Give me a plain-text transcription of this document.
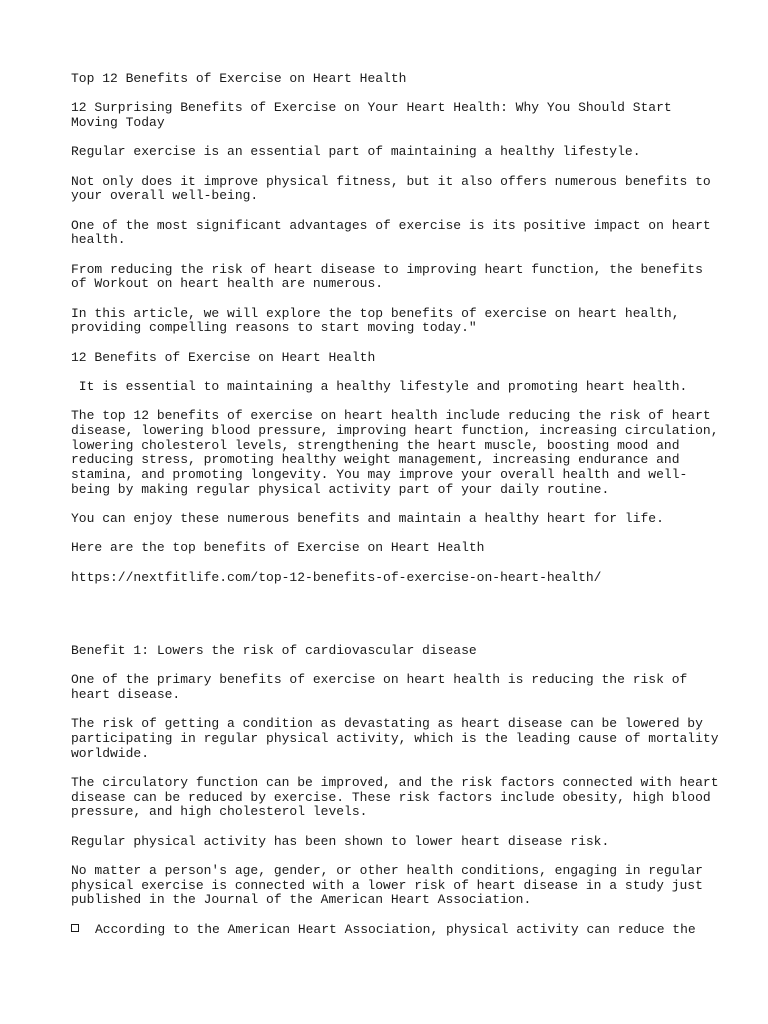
Top 12 Benefits of Exercise on Heart Health
12 Surprising Benefits of Exercise on Your Heart Health: Why You Should Start
Moving Today
Regular exercise is an essential part of maintaining a healthy lifestyle.
Not only does it improve physical fitness, but it also offers numerous benefits to
your overall well-being.
One of the most significant advantages of exercise is its positive impact on heart
health.
From reducing the risk of heart disease to improving heart function, the benefits
of Workout on heart health are numerous.
In this article, we will explore the top benefits of exercise on heart health,
providing compelling reasons to start moving today."
12 Benefits of Exercise on Heart Health
It is essential to maintaining a healthy lifestyle and promoting heart health.
The top 12 benefits of exercise on heart health include reducing the risk of heart
disease, lowering blood pressure, improving heart function, increasing circulation,
lowering cholesterol levels, strengthening the heart muscle, boosting mood and
reducing stress, promoting healthy weight management, increasing endurance and
stamina, and promoting longevity. You may improve your overall health and well-
being by making regular physical activity part of your daily routine.
You can enjoy these numerous benefits and maintain a healthy heart for life.
Here are the top benefits of Exercise on Heart Health
https://nextfitlife.com/top-12-benefits-of-exercise-on-heart-health/
Benefit 1: Lowers the risk of cardiovascular disease
One of the primary benefits of exercise on heart health is reducing the risk of
heart disease.
The risk of getting a condition as devastating as heart disease can be lowered by
participating in regular physical activity, which is the leading cause of mortality
worldwide.
The circulatory function can be improved, and the risk factors connected with heart
disease can be reduced by exercise. These risk factors include obesity, high blood
pressure, and high cholesterol levels.
Regular physical activity has been shown to lower heart disease risk.
No matter a person's age, gender, or other health conditions, engaging in regular
physical exercise is connected with a lower risk of heart disease in a study just
published in the Journal of the American Heart Association.
According to the American Heart Association, physical activity can reduce the
